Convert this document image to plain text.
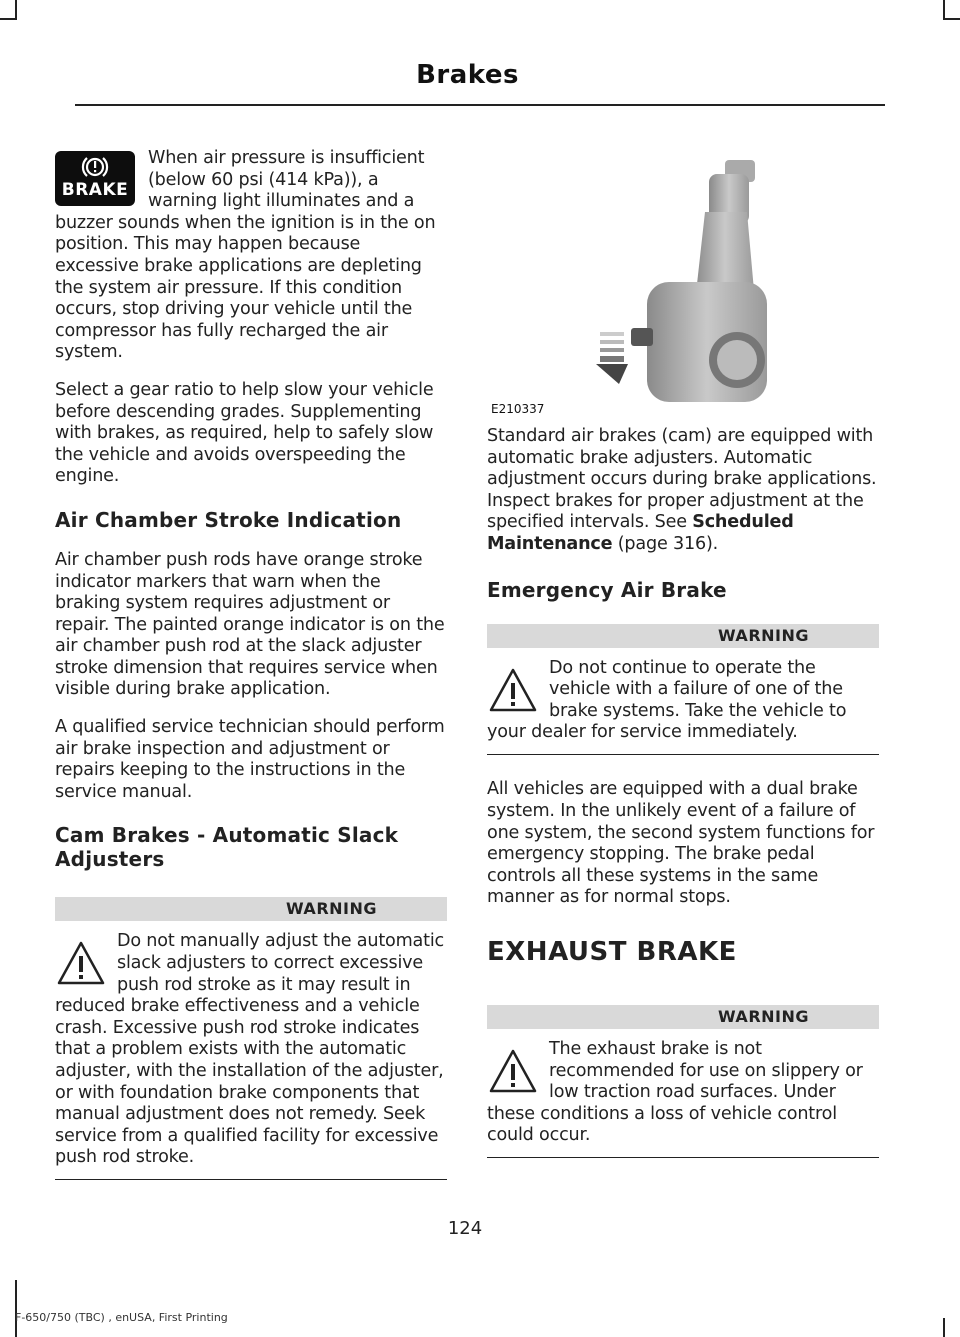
Brakes
BRAKE

When air pressure is insufficient (below 60 psi (414 kPa)), a warning light illuminates and a buzzer sounds when the ignition is in the on position. This may happen because excessive brake applications are depleting the system air pressure. If this condition occurs, stop driving your vehicle until the compressor has fully recharged the air system.

Select a gear ratio to help slow your vehicle before descending grades. Supplementing with brakes, as required, help to safely slow the vehicle and avoids overspeeding the engine.

Air Chamber Stroke Indication

Air chamber push rods have orange stroke indicator markers that warn when the braking system requires adjustment or repair. The painted orange indicator is on the air chamber push rod at the slack adjuster stroke dimension that requires service when visible during brake application.

A qualified service technician should perform air brake inspection and adjustment or repairs keeping to the instructions in the service manual.

Cam Brakes - Automatic Slack Adjusters
WARNING

Do not manually adjust the automatic slack adjusters to correct excessive push rod stroke as it may result in reduced brake effectiveness and a vehicle crash. Excessive push rod stroke indicates that a problem exists with the automatic adjuster, with the installation of the adjuster, or with foundation brake components that manual adjustment does not remedy. Seek service from a qualified facility for excessive push rod stroke.

E210337

Standard air brakes (cam) are equipped with automatic brake adjusters. Automatic adjustment occurs during brake applications. Inspect brakes for proper adjustment at the specified intervals. See Scheduled Maintenance (page 316).

Emergency Air Brake
WARNING

Do not continue to operate the vehicle with a failure of one of the brake systems. Take the vehicle to your dealer for service immediately.

All vehicles are equipped with a dual brake system. In the unlikely event of a failure of one system, the second system functions for emergency stopping. The brake pedal controls all these systems in the same manner as for normal stops.

EXHAUST BRAKE
WARNING

The exhaust brake is not recommended for use on slippery or low traction road surfaces. Under these conditions a loss of vehicle control could occur.

124
F-650/750 (TBC) , enUSA, First Printing
